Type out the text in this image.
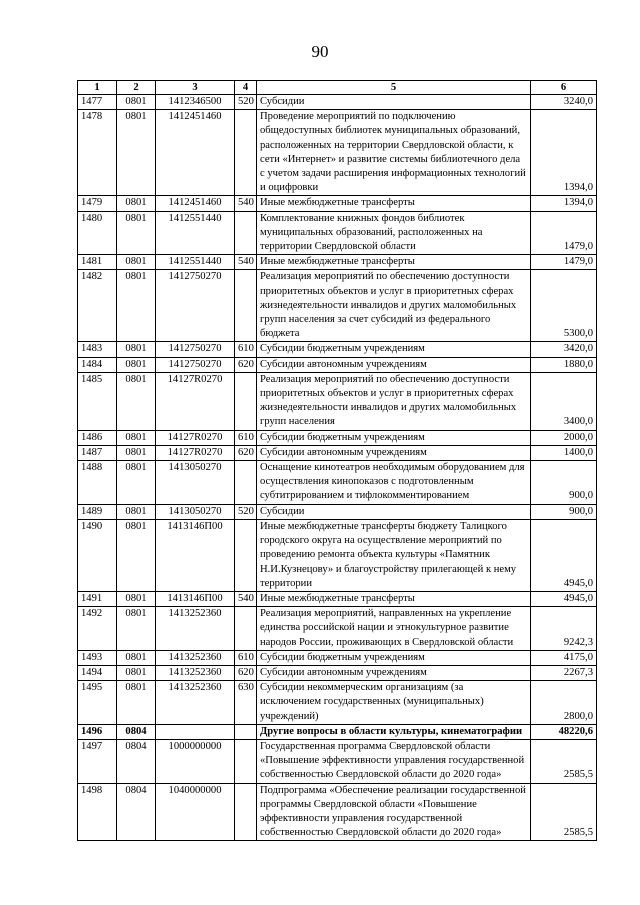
90
1	2	3	4	5	6
1477	0801	1412346500	520	Субсидии	3240,0
1478	0801	1412451460		Проведение мероприятий по подключению общедоступных библиотек муниципальных образований, расположенных на территории Свердловской области, к сети «Интернет» и развитие системы библиотечного дела с учетом задачи расширения информационных технологий и оцифровки	1394,0
1479	0801	1412451460	540	Иные межбюджетные трансферты	1394,0
1480	0801	1412551440		Комплектование книжных фондов библиотек муниципальных образований, расположенных на территории Свердловской области	1479,0
1481	0801	1412551440	540	Иные межбюджетные трансферты	1479,0
1482	0801	1412750270		Реализация мероприятий по обеспечению доступности приоритетных объектов и услуг в приоритетных сферах жизнедеятельности инвалидов и других маломобильных групп населения за счет субсидий из федерального бюджета	5300,0
1483	0801	1412750270	610	Субсидии бюджетным учреждениям	3420,0
1484	0801	1412750270	620	Субсидии автономным учреждениям	1880,0
1485	0801	14127R0270		Реализация мероприятий по обеспечению доступности приоритетных объектов и услуг в приоритетных сферах жизнедеятельности инвалидов и других маломобильных групп населения	3400,0
1486	0801	14127R0270	610	Субсидии бюджетным учреждениям	2000,0
1487	0801	14127R0270	620	Субсидии автономным учреждениям	1400,0
1488	0801	1413050270		Оснащение кинотеатров необходимым оборудованием для осуществления кинопоказов с подготовленным субтитрированием и тифлокомментированием	900,0
1489	0801	1413050270	520	Субсидии	900,0
1490	0801	1413146П00		Иные межбюджетные трансферты бюджету Талицкого городского округа на осуществление мероприятий по проведению ремонта объекта культуры «Памятник Н.И.Кузнецову» и благоустройству прилегающей к нему территории	4945,0
1491	0801	1413146П00	540	Иные межбюджетные трансферты	4945,0
1492	0801	1413252360		Реализация мероприятий, направленных на укрепление единства российской нации и этнокультурное развитие народов России, проживающих в Свердловской области	9242,3
1493	0801	1413252360	610	Субсидии бюджетным учреждениям	4175,0
1494	0801	1413252360	620	Субсидии автономным учреждениям	2267,3
1495	0801	1413252360	630	Субсидии некоммерческим организациям (за исключением государственных (муниципальных) учреждений)	2800,0
1496	0804			Другие вопросы в области культуры, кинематографии	48220,6
1497	0804	1000000000		Государственная программа Свердловской области «Повышение эффективности управления государственной собственностью Свердловской области до 2020 года»	2585,5
1498	0804	1040000000		Подпрограмма «Обеспечение реализации государственной программы Свердловской области «Повышение эффективности управления государственной собственностью Свердловской области до 2020 года»	2585,5
